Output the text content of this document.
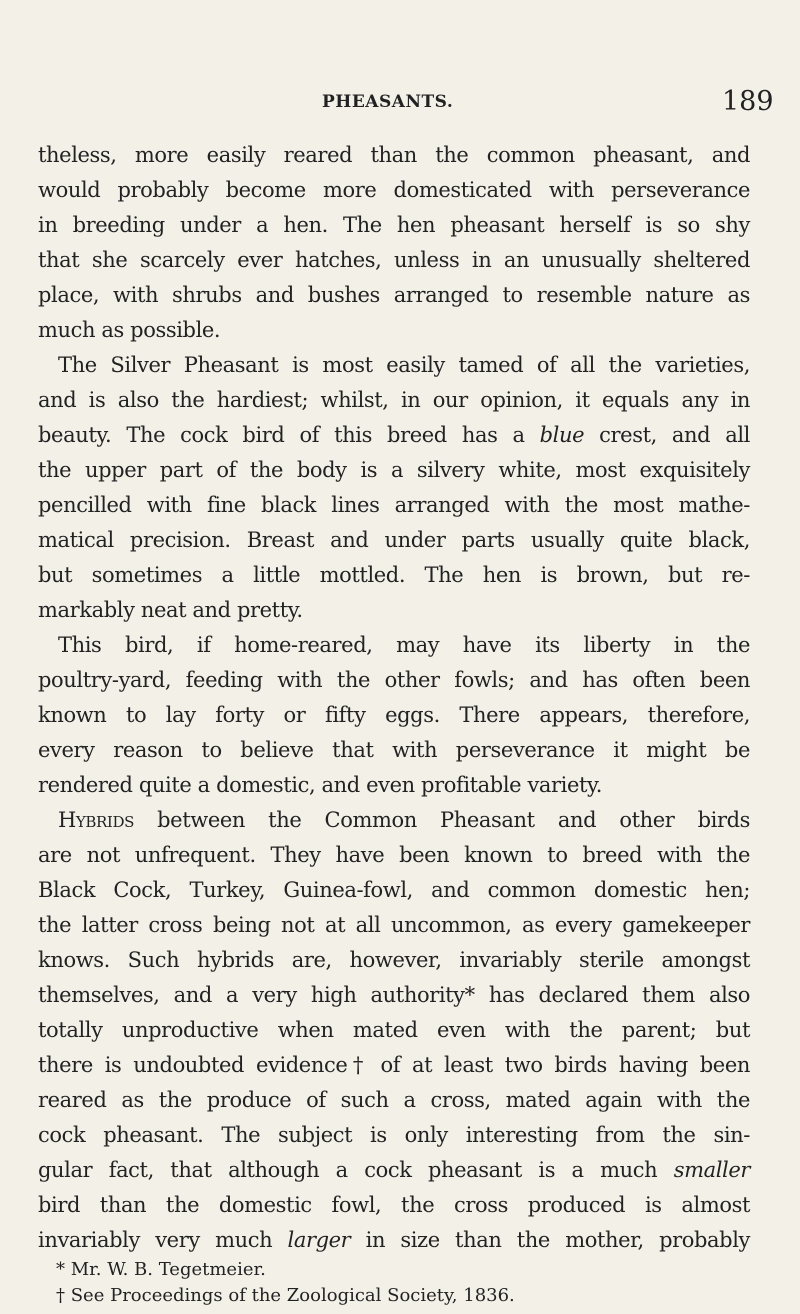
PHEASANTS.	189
theless, more easily reared than the common pheasant, and
would probably become more domesticated with perseverance
in breeding under a hen. The hen pheasant herself is so shy
that she scarcely ever hatches, unless in an unusually sheltered
place, with shrubs and bushes arranged to resemble nature as
much as possible.
The Silver Pheasant is most easily tamed of all the varieties,
and is also the hardiest; whilst, in our opinion, it equals any in
beauty. The cock bird of this breed has a blue crest, and all
the upper part of the body is a silvery white, most exquisitely
pencilled with fine black lines arranged with the most mathe-
matical precision. Breast and under parts usually quite black,
but sometimes a little mottled. The hen is brown, but re-
markably neat and pretty.
This bird, if home-reared, may have its liberty in the
poultry-yard, feeding with the other fowls; and has often been
known to lay forty or fifty eggs. There appears, therefore,
every reason to believe that with perseverance it might be
rendered quite a domestic, and even profitable variety.
Hybrids between the Common Pheasant and other birds
are not unfrequent. They have been known to breed with the
Black Cock, Turkey, Guinea-fowl, and common domestic hen;
the latter cross being not at all uncommon, as every gamekeeper
knows. Such hybrids are, however, invariably sterile amongst
themselves, and a very high authority* has declared them also
totally unproductive when mated even with the parent; but
there is undoubted evidence† of at least two birds having been
reared as the produce of such a cross, mated again with the
cock pheasant. The subject is only interesting from the sin-
gular fact, that although a cock pheasant is a much smaller
bird than the domestic fowl, the cross produced is almost
invariably very much larger in size than the mother, probably
* Mr. W. B. Tegetmeier.
† See Proceedings of the Zoological Society, 1836.
